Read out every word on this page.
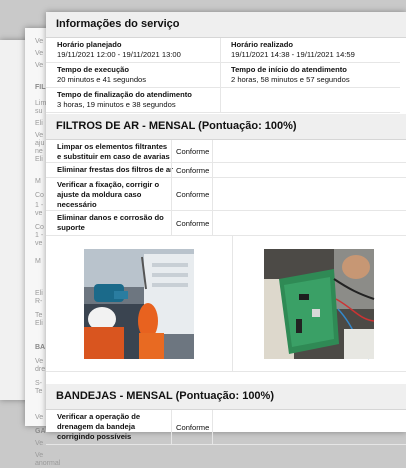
Ve
Ve
Ve
FIL
Lim
su
Eli
Ve
aju
ne
Eli
M
Co
1 -
ve
Co
1 -
ve
M
Eli
R-
Te
Eli
BA
Ve
dre
S-
Te
Ve
GA
Ve
Ve
anormal
Informações do serviço
Horário planejado
19/11/2021 12:00 - 19/11/2021 13:00
Horário realizado
19/11/2021 14:38 - 19/11/2021 14:59
Tempo de execução
20 minutos e 41 segundos
Tempo de início do atendimento
2 horas, 58 minutos e 57 segundos
Tempo de finalização do atendimento
3 horas, 19 minutos e 38 segundos
FILTROS DE AR - MENSAL (Pontuação: 100%)
Limpar os elementos filtrantes e substituir em caso de avarias
Conforme
Eliminar frestas dos filtros de ar Conforme
Verificar a fixação, corrigir o ajuste da moldura caso necessário
Conforme
Eliminar danos e corrosão do suporte	Conforme
BANDEJAS - MENSAL (Pontuação: 100%)
Verificar a operação de drenagem da bandeja corrigindo possíveis
Conforme
